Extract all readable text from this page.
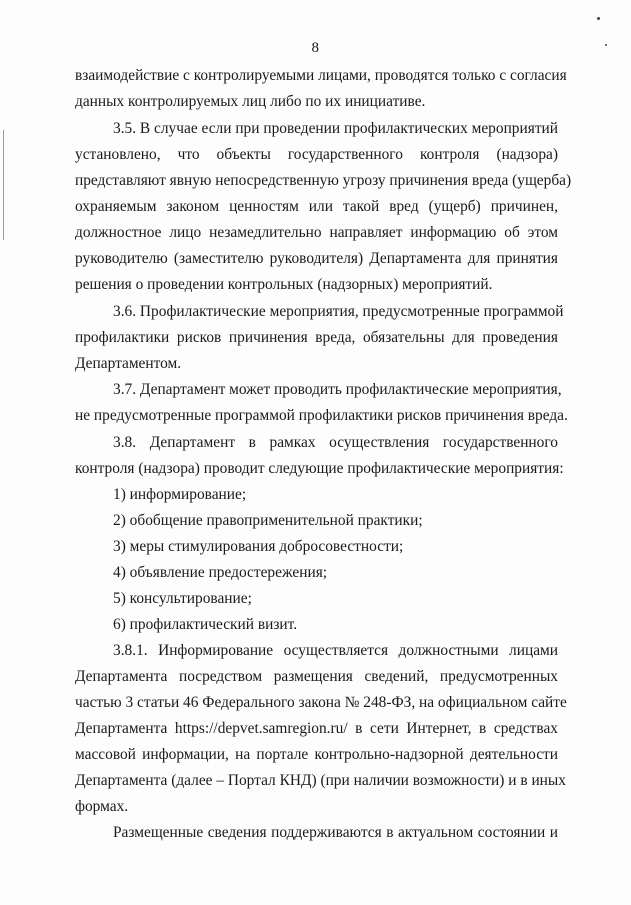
8
взаимодействие с контролируемыми лицами, проводятся только с согласия
данных контролируемых лиц либо по их инициативе.
3.5. В случае если при проведении профилактических мероприятий
установлено, что объекты государственного контроля (надзора)
представляют явную непосредственную угрозу причинения вреда (ущерба)
охраняемым законом ценностям или такой вред (ущерб) причинен,
должностное лицо незамедлительно направляет информацию об этом
руководителю (заместителю руководителя) Департамента для принятия
решения о проведении контрольных (надзорных) мероприятий.
3.6. Профилактические мероприятия, предусмотренные программой
профилактики рисков причинения вреда, обязательны для проведения
Департаментом.
3.7. Департамент может проводить профилактические мероприятия,
не предусмотренные программой профилактики рисков причинения вреда.
3.8. Департамент в рамках осуществления государственного
контроля (надзора) проводит следующие профилактические мероприятия:
1) информирование;
2) обобщение правоприменительной практики;
3) меры стимулирования добросовестности;
4) объявление предостережения;
5) консультирование;
6) профилактический визит.
3.8.1. Информирование осуществляется должностными лицами
Департамента посредством размещения сведений, предусмотренных
частью 3 статьи 46 Федерального закона № 248-ФЗ, на официальном сайте
Департамента https://depvet.samregion.ru/ в сети Интернет, в средствах
массовой информации, на портале контрольно-надзорной деятельности
Департамента (далее – Портал КНД) (при наличии возможности) и в иных
формах.
Размещенные сведения поддерживаются в актуальном состоянии и
